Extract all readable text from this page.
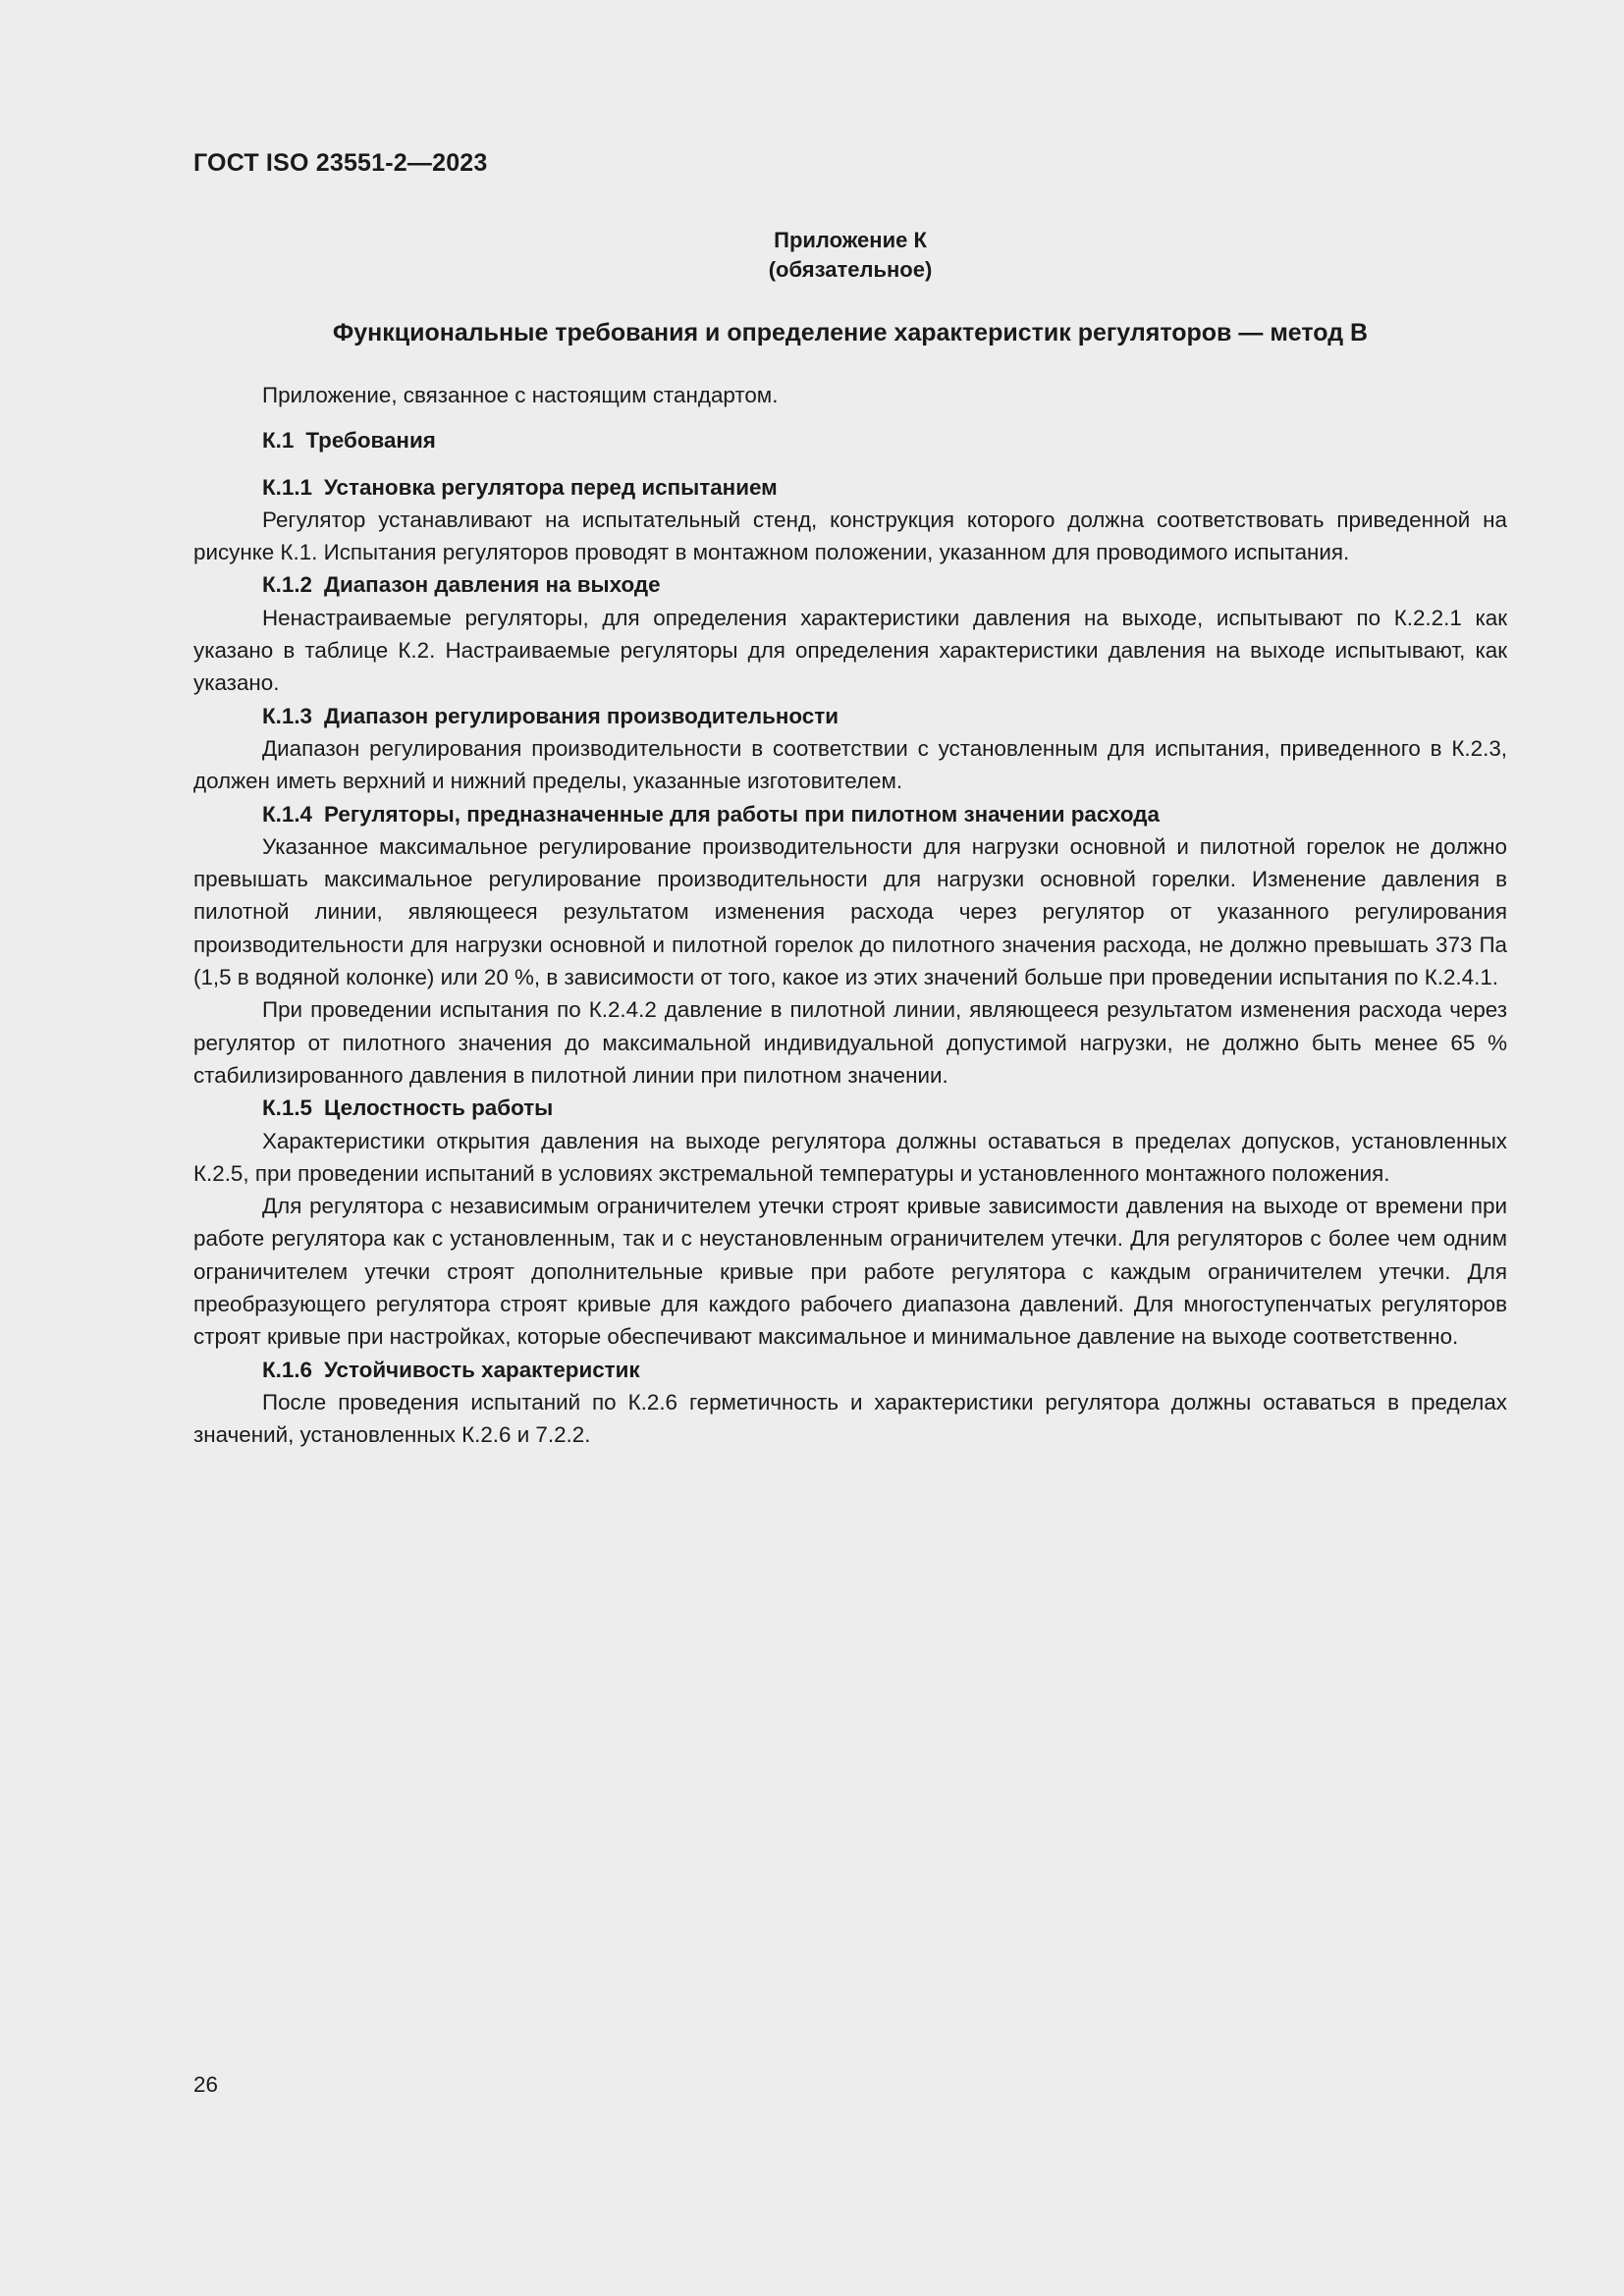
ГОСТ ISO 23551-2—2023
Приложение К
(обязательное)
Функциональные требования и определение характеристик регуляторов — метод B

Приложение, связанное с настоящим стандартом.

К.1 Требования
К.1.1 Установка регулятора перед испытанием

Регулятор устанавливают на испытательный стенд, конструкция которого должна соответствовать приведенной на рисунке К.1. Испытания регуляторов проводят в монтажном положении, указанном для проводимого испытания.

К.1.2 Диапазон давления на выходе

Ненастраиваемые регуляторы, для определения характеристики давления на выходе, испытывают по К.2.2.1 как указано в таблице К.2. Настраиваемые регуляторы для определения характеристики давления на выходе испытывают, как указано.

К.1.3 Диапазон регулирования производительности

Диапазон регулирования производительности в соответствии с установленным для испытания, приведенного в К.2.3, должен иметь верхний и нижний пределы, указанные изготовителем.

К.1.4 Регуляторы, предназначенные для работы при пилотном значении расхода

Указанное максимальное регулирование производительности для нагрузки основной и пилотной горелок не должно превышать максимальное регулирование производительности для нагрузки основной горелки. Изменение давления в пилотной линии, являющееся результатом изменения расхода через регулятор от указанного регулирования производительности для нагрузки основной и пилотной горелок до пилотного значения расхода, не должно превышать 373 Па (1,5 в водяной колонке) или 20 %, в зависимости от того, какое из этих значений больше при проведении испытания по К.2.4.1.

При проведении испытания по К.2.4.2 давление в пилотной линии, являющееся результатом изменения расхода через регулятор от пилотного значения до максимальной индивидуальной допустимой нагрузки, не должно быть менее 65 % стабилизированного давления в пилотной линии при пилотном значении.

К.1.5 Целостность работы

Характеристики открытия давления на выходе регулятора должны оставаться в пределах допусков, установленных К.2.5, при проведении испытаний в условиях экстремальной температуры и установленного монтажного положения.

Для регулятора с независимым ограничителем утечки строят кривые зависимости давления на выходе от времени при работе регулятора как с установленным, так и с неустановленным ограничителем утечки. Для регуляторов с более чем одним ограничителем утечки строят дополнительные кривые при работе регулятора с каждым ограничителем утечки. Для преобразующего регулятора строят кривые для каждого рабочего диапазона давлений. Для многоступенчатых регуляторов строят кривые при настройках, которые обеспечивают максимальное и минимальное давление на выходе соответственно.

К.1.6 Устойчивость характеристик

После проведения испытаний по К.2.6 герметичность и характеристики регулятора должны оставаться в пределах значений, установленных К.2.6 и 7.2.2.

26
